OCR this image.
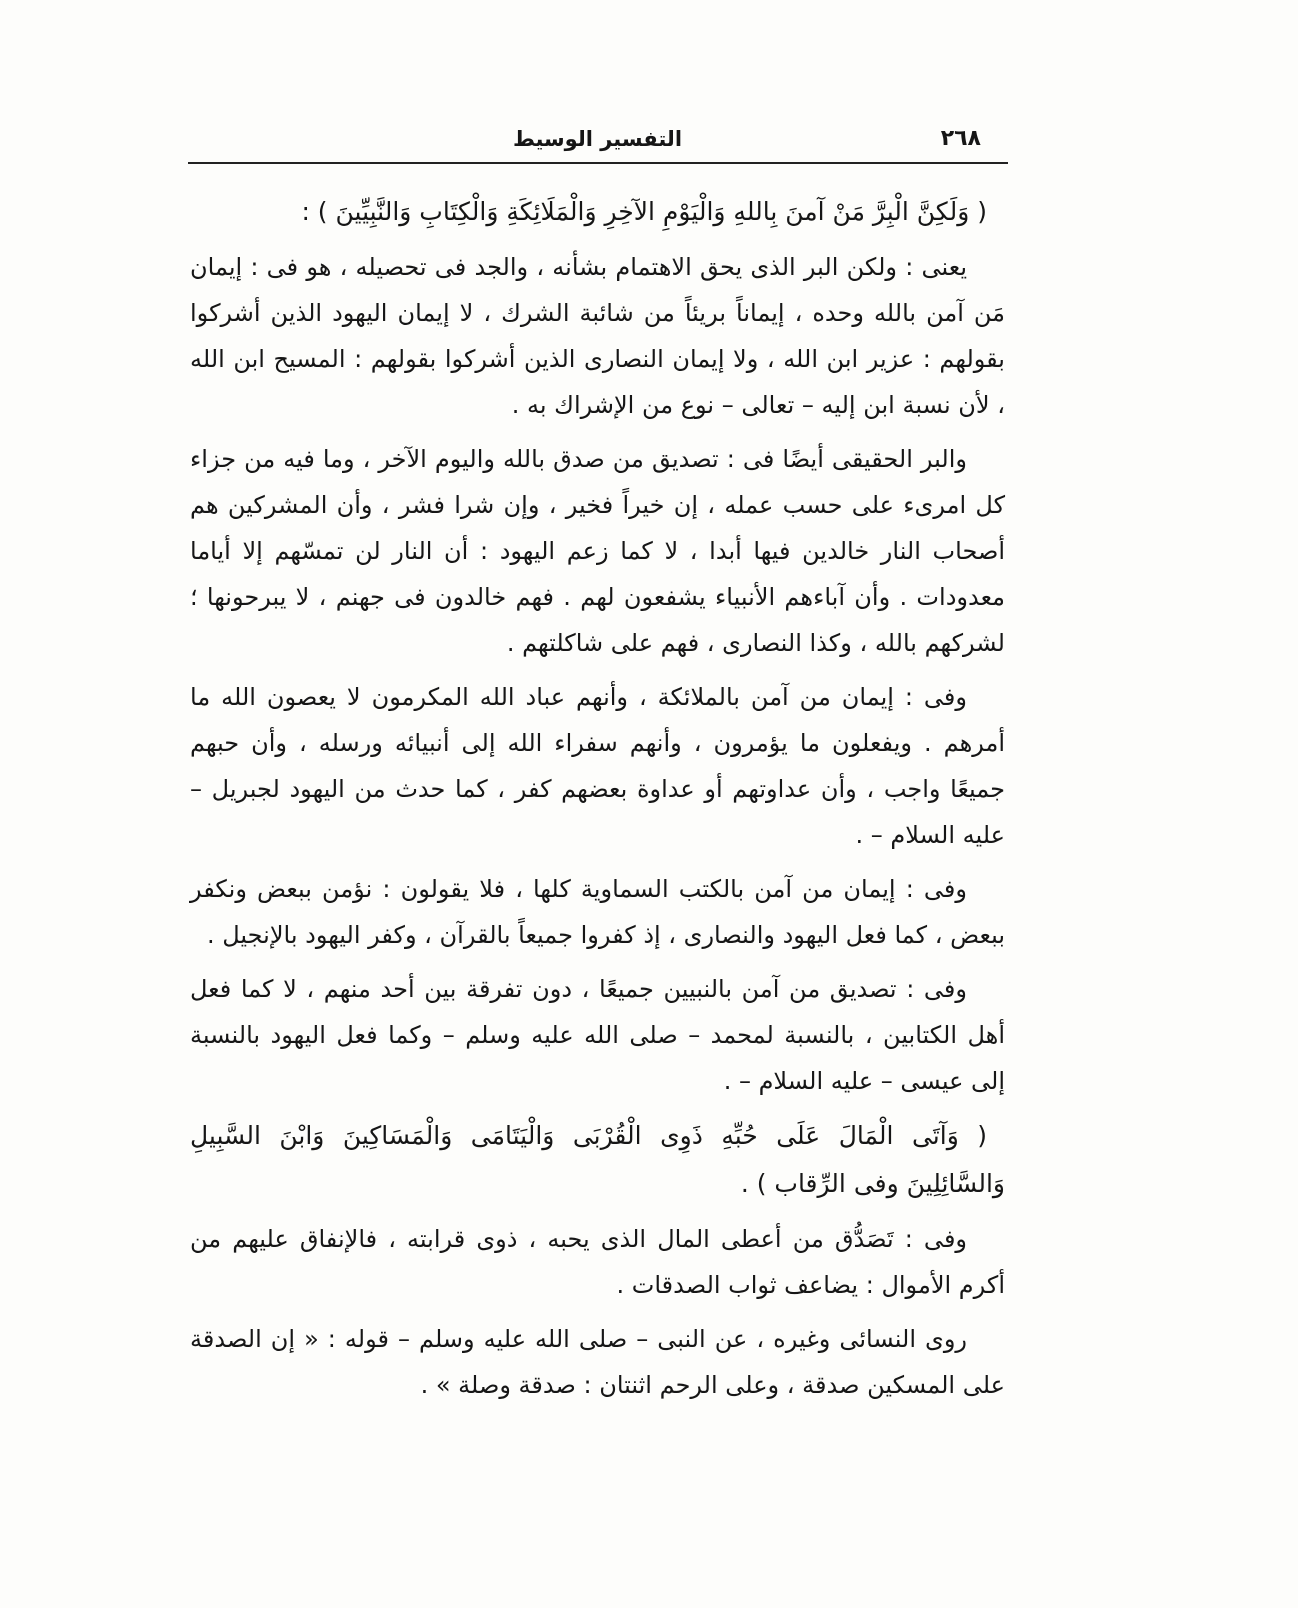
٢٦٨
التفسير الوسيط

( وَلَكِنَّ الْبِرَّ مَنْ آمنَ بِاللهِ وَالْيَوْمِ الآخِرِ وَالْمَلَائِكَةِ وَالْكِتَابِ وَالنَّبِيِّينَ ) :

يعنى : ولكن البر الذى يحق الاهتمام بشأنه ، والجد فى تحصيله ، هو فى : إيمان مَن آمن بالله وحده ، إيماناً بريئاً من شائبة الشرك ، لا إيمان اليهود الذين أشركوا بقولهم : عزير ابن الله ، ولا إيمان النصارى الذين أشركوا بقولهم : المسيح ابن الله ، لأن نسبة ابن إليه – تعالى – نوع من الإشراك به .

والبر الحقيقى أيضًا فى : تصديق من صدق بالله واليوم الآخر ، وما فيه من جزاء كل امرىء على حسب عمله ، إن خيراً فخير ، وإن شرا فشر ، وأن المشركين هم أصحاب النار خالدين فيها أبدا ، لا كما زعم اليهود : أن النار لن تمسّهم إلا أياما معدودات . وأن آباءهم الأنبياء يشفعون لهم . فهم خالدون فى جهنم ، لا يبرحونها ؛ لشركهم بالله ، وكذا النصارى ، فهم على شاكلتهم .

وفى : إيمان من آمن بالملائكة ، وأنهم عباد الله المكرمون لا يعصون الله ما أمرهم . ويفعلون ما يؤمرون ، وأنهم سفراء الله إلى أنبيائه ورسله ، وأن حبهم جميعًا واجب ، وأن عداوتهم أو عداوة بعضهم كفر ، كما حدث من اليهود لجبريل – عليه السلام – .

وفى : إيمان من آمن بالكتب السماوية كلها ، فلا يقولون : نؤمن ببعض ونكفر ببعض ، كما فعل اليهود والنصارى ، إذ كفروا جميعاً بالقرآن ، وكفر اليهود بالإنجيل .

وفى : تصديق من آمن بالنبيين جميعًا ، دون تفرقة بين أحد منهم ، لا كما فعل أهل الكتابين ، بالنسبة لمحمد – صلى الله عليه وسلم – وكما فعل اليهود بالنسبة إلى عيسى – عليه السلام – .

( وَآتَى الْمَالَ عَلَى حُبِّهِ ذَوِى الْقُرْبَى وَالْيَتَامَى وَالْمَسَاكِينَ وَابْنَ السَّبِيلِ وَالسَّائِلِينَ وفى الرِّقاب ) .

وفى : تَصَدُّق من أعطى المال الذى يحبه ، ذوى قرابته ، فالإنفاق عليهم من أكرم الأموال : يضاعف ثواب الصدقات .

روى النسائى وغيره ، عن النبى – صلى الله عليه وسلم – قوله : « إن الصدقة على المسكين صدقة ، وعلى الرحم اثنتان : صدقة وصلة » .
